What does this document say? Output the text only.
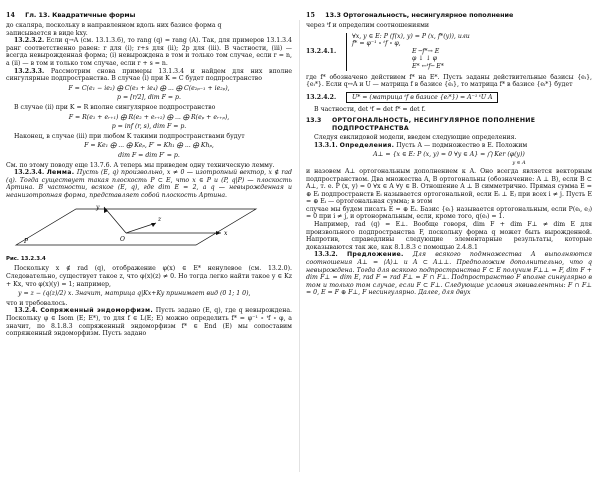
14 Гл. 13. Квадратичные формы	15 13.3 Ортогональность, несингулярное пополнение

до скаляра, поскольку в направленном вдоль них базисе форма q

записывается в виде kxy.

13.2.3.2. Если q→A (см. 13.1.3.6), то rang (q) = rang (A). Так, для примеров 13.1.3.4 ранг соответственно равен: r для (i); r+s для (ii); 2p для (iii). В частности, (iii) — всегда невырожденная форма; (i) невырождена в том и только том случае, если r = n, а (ii) — в том и только том случае, если r + s = n.

13.2.3.3. Рассмотрим снова примеры 13.1.3.4 и найдем для них вполне сингулярные подпространства. В случае (i) при K = C будет подпространство

F = C(e₁ − ie₂) ⨁ C(e₃ + ie₄) ⨁ ... ⨁ C(e₂ₚ₋₁ + ie₂ₚ),
p = [r/2], dim F = p.

В случае (ii) при K = R вполне сингулярное подпространство

F = R(e₁ + eᵣ₊₁) ⨁ R(e₂ + eᵣ₊₂) ⨁ ... ⨁ R(eₚ + eᵣ₊ₚ),
p = inf (r, s), dim F = p.

Наконец, в случае (iii) при любом K такими подпространствами будут

F = Ke₁ ⨁ ... ⨁ Keₚ, F′ = Kh₁ ⨁ ... ⨁ Khₚ,
dim F = dim F′ = p.

См. по этому поводу еще 13.7.6. А теперь мы приведем одну техническую лемму.

13.2.3.4. Лемма. Пусть (E, q) произвольно, x ≠ 0 — изотропный вектор, x ∉ rad (q). Тогда существует такая плоскость P ⊂ E, что x ∈ P и (P, q|P) — плоскость Артина. В частности, всякое (E, q), где dim E = 2, a q — невырожденная и неанизотропная форма, представляет собой плоскость Артина.

x
y
z
O
P
Рис. 13.2.3.4

Поскольку x ∉ rad (q), отображение φ(x) ∈ E* ненулевое (см. 13.2.0). Следовательно, существует такое z, что φ(x)(z) ≠ 0. Но тогда легко найти такое y ∈ Kz + Kx, что φ(x)(y) = 1; например,

y = z − (q(z)/2) x. Значит, матрица q|Kx+Ky принимает вид (0 1; 1 0),

что и требовалось.

13.2.4. Сопряженный эндоморфизм. Пусть задано (E, q), где q невырождена. Поскольку φ ∈ Isom (E; E*), то для f ∈ L(E; E) можно определить f* = φ⁻¹ ∘ ᵗf ∘ φ, а значит, по 8.1.8.3 сопряженный эндоморфизм f* ∈ End (E) мы сопоставим сопряженный эндоморфизм. Пусть задано

через ᵗf и определим соотношениями

13.2.4.1.
∀x, y ∈ E: P (f(x), y) = P (x, f*(y)), или
f* = φ⁻¹ ∘ ᵗf ∘ φ,
E ─f*→ E
φ ↓ ↓ φ
E* ←ᵗf─ E*

где f* обозначено действием f* на E*. Пусть заданы действительные базисы {eᵢ}, {eᵢ*}. Если q↔A и U — матрица f в базисе {eᵢ}, то матрица f* в базисе {eᵢ*} будет

13.2.4.2.	U* = (матрица ᵗf в базисе {eᵢ*}) = A⁻¹ ᵗU A

В частности, det ᵗf = det f* = det f.

13.3	ОРТОГОНАЛЬНОСТЬ, НЕСИНГУЛЯРНОЕ ПОПОЛНЕНИЕ ПОДПРОСТРАНСТВА

Следуя евклидовой модели, введем следующие определения.

13.3.1. Определения. Пусть A — подмножество в E. Положим

A⊥ = {x ∈ E: P (x, y) = 0 ∀y ∈ A} = ⋂ Ker (φ(y))
y ∈ A

и назовем A⊥ ортогональным дополнением к A. Оно всегда является векторным подпространством. Два множества A, B ортогональны (обозначение: A ⊥ B), если B ⊂ A⊥, т. е. P (x, y) = 0 ∀x ∈ A ∀y ∈ B. Отношение A ⊥ B симметрично. Прямая сумма E = ⊕ Eᵢ подпространств Eᵢ называется ортогональной, если Eᵢ ⊥ Eⱼ при всех i ≠ j. Пусть E = ⊕ Eᵢ — ортогональная сумма; в этом

случае мы будем писать E = ⊕ Eᵢ. Базис {eᵢ} называется ортогональным, если P(eᵢ, eⱼ) = 0 при i ≠ j, и ортонормальным, если, кроме того, q(eᵢ) = 1.

Например, rad (q) = E⊥. Вообще говоря, dim F + dim F⊥ ≠ dim E для произвольного подпространства F, поскольку форма q может быть вырожденной. Напротив, справедливы следующие элементарные результаты, которые доказываются так же, как 8.1.8.3 с помощью 2.4.8.1

13.3.2. Предложение. Для всякого подмножества A выполняются соотношения A⊥ = ⟨A⟩⊥ и A ⊂ A⊥⊥. Предположим дополнительно, что q невырождена. Тогда для всякого подпространства F ⊂ E получим F⊥⊥ = F, dim F + dim F⊥ = dim E, rad F = rad F⊥ = F ∩ F⊥. Подпространство F вполне сингулярно в том и только том случае, если F ⊂ F⊥. Следующие условия эквивалентны: F ∩ F⊥ = 0, E = F ⊕ F⊥, F несингулярно. Далее, для двух
